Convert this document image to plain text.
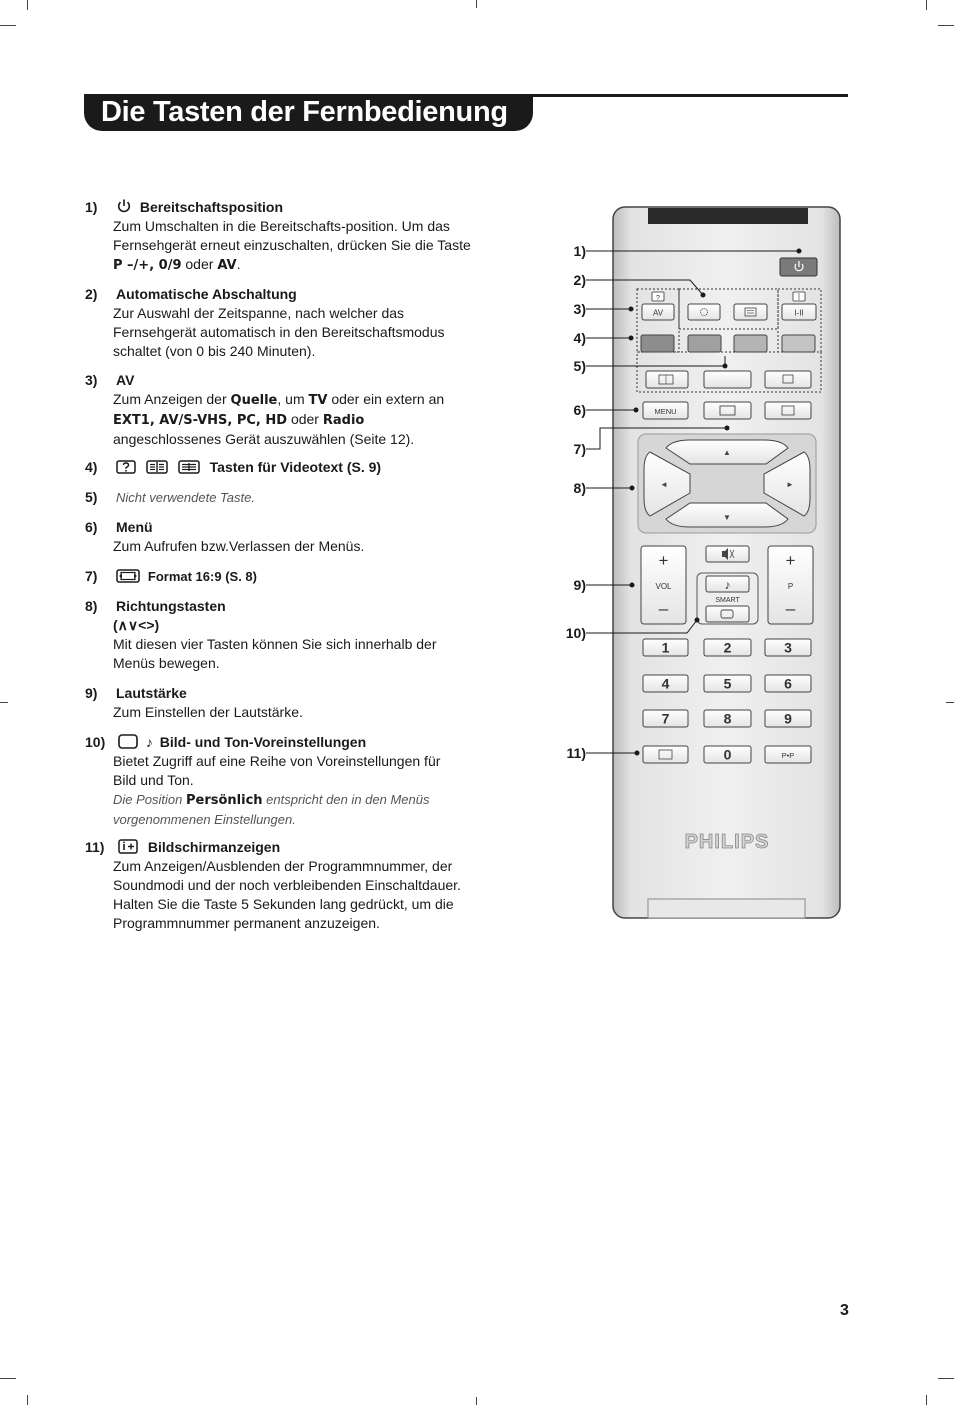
Die Tasten der Fernbedienung
1)	Bereitschaftsposition
Zum Umschalten in die Bereitschafts-position. Um das
Fernsehgerät erneut einzuschalten, drücken Sie die Taste
P –/+, 0/9 oder AV.
2) Automatische Abschaltung
Zur Auswahl der Zeitspanne, nach welcher das
Fernsehgerät automatisch in den Bereitschaftsmodus
schaltet (von 0 bis 240 Minuten).
3) AV
Zum Anzeigen der Quelle, um TV oder ein extern an
EXT1, AV/S-VHS, PC, HD oder Radio
angeschlossenes Gerät auszuwählen (Seite 12).
4)	Tasten für Videotext (S. 9)
5) Nicht verwendete Taste.
6) Menü
Zum Aufrufen bzw.Verlassen der Menüs.
7)	Format 16:9 (S. 8)
8) Richtungstasten
(∧∨<>)
Mit diesen vier Tasten können Sie sich innerhalb der
Menüs bewegen.
9) Lautstärke
Zum Einstellen der Lautstärke.
10)	♪ Bild- und Ton-Voreinstellungen
Bietet Zugriff auf eine Reihe von Voreinstellungen für
Bild und Ton.
Die Position Persönlich entspricht den in den Menüs
vorgenommenen Einstellungen.
11)	Bildschirmanzeigen
Zum Anzeigen/Ausblenden der Programmnummer, der
Soundmodi und der noch verbleibenden Einschaltdauer.
Halten Sie die Taste 5 Sekunden lang gedrückt, um die
Programmnummer permanent anzuzeigen.
?
AV	I-II
MENU
▲
▼
◄	►
+
VOL
–
+
P
–
♪
SMART
1	2	3
4	5	6
7	8	9
0	P•P
PHILIPS
1)
2)
3)
4)
5)
6)
7)
8)
9)
10)
11)
3
